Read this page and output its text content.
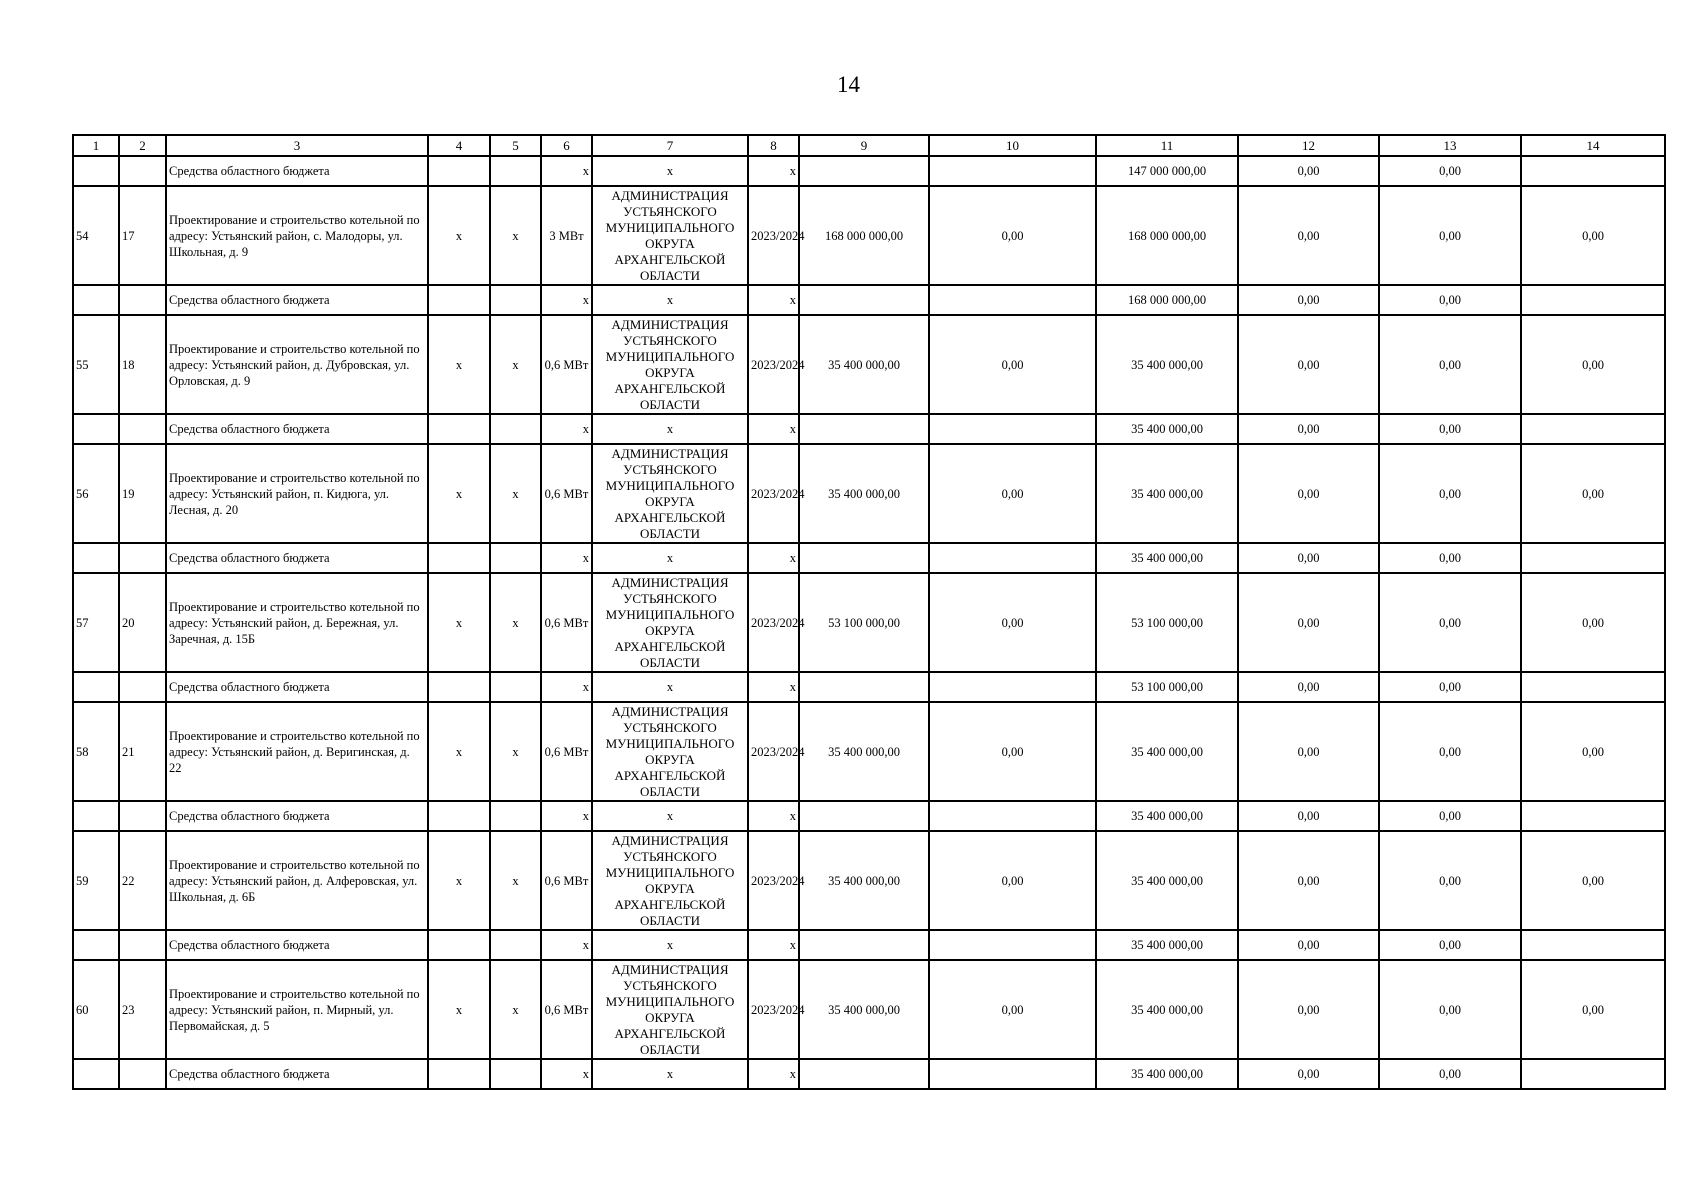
14
1	2	3	4	5	6	7	8	9	10	11	12	13	14
		Средства областного бюджета			х	х	х			147 000 000,00	0,00	0,00	
54	17	Проектирование и строительство котельной по адресу: Устьянский район, с. Малодоры, ул. Школьная, д. 9	х	х	3 МВт	АДМИНИСТРАЦИЯ УСТЬЯНСКОГО МУНИЦИПАЛЬНОГО ОКРУГА АРХАНГЕЛЬСКОЙ ОБЛАСТИ	2023/2024	168 000 000,00	0,00	168 000 000,00	0,00	0,00	0,00
		Средства областного бюджета			х	х	х			168 000 000,00	0,00	0,00	
55	18	Проектирование и строительство котельной по адресу: Устьянский район, д. Дубровская, ул. Орловская, д. 9	х	х	0,6 МВт	АДМИНИСТРАЦИЯ УСТЬЯНСКОГО МУНИЦИПАЛЬНОГО ОКРУГА АРХАНГЕЛЬСКОЙ ОБЛАСТИ	2023/2024	35 400 000,00	0,00	35 400 000,00	0,00	0,00	0,00
		Средства областного бюджета			х	х	х			35 400 000,00	0,00	0,00	
56	19	Проектирование и строительство котельной по адресу: Устьянский район, п. Кидюга, ул. Лесная, д. 20	х	х	0,6 МВт	АДМИНИСТРАЦИЯ УСТЬЯНСКОГО МУНИЦИПАЛЬНОГО ОКРУГА АРХАНГЕЛЬСКОЙ ОБЛАСТИ	2023/2024	35 400 000,00	0,00	35 400 000,00	0,00	0,00	0,00
		Средства областного бюджета			х	х	х			35 400 000,00	0,00	0,00	
57	20	Проектирование и строительство котельной по адресу: Устьянский район, д. Бережная, ул. Заречная, д. 15Б	х	х	0,6 МВт	АДМИНИСТРАЦИЯ УСТЬЯНСКОГО МУНИЦИПАЛЬНОГО ОКРУГА АРХАНГЕЛЬСКОЙ ОБЛАСТИ	2023/2024	53 100 000,00	0,00	53 100 000,00	0,00	0,00	0,00
		Средства областного бюджета			х	х	х			53 100 000,00	0,00	0,00	
58	21	Проектирование и строительство котельной по адресу: Устьянский район, д. Веригинская, д. 22	х	х	0,6 МВт	АДМИНИСТРАЦИЯ УСТЬЯНСКОГО МУНИЦИПАЛЬНОГО ОКРУГА АРХАНГЕЛЬСКОЙ ОБЛАСТИ	2023/2024	35 400 000,00	0,00	35 400 000,00	0,00	0,00	0,00
		Средства областного бюджета			х	х	х			35 400 000,00	0,00	0,00	
59	22	Проектирование и строительство котельной по адресу: Устьянский район, д. Алферовская, ул. Школьная, д. 6Б	х	х	0,6 МВт	АДМИНИСТРАЦИЯ УСТЬЯНСКОГО МУНИЦИПАЛЬНОГО ОКРУГА АРХАНГЕЛЬСКОЙ ОБЛАСТИ	2023/2024	35 400 000,00	0,00	35 400 000,00	0,00	0,00	0,00
		Средства областного бюджета			х	х	х			35 400 000,00	0,00	0,00	
60	23	Проектирование и строительство котельной по адресу: Устьянский район, п. Мирный, ул. Первомайская, д. 5	х	х	0,6 МВт	АДМИНИСТРАЦИЯ УСТЬЯНСКОГО МУНИЦИПАЛЬНОГО ОКРУГА АРХАНГЕЛЬСКОЙ ОБЛАСТИ	2023/2024	35 400 000,00	0,00	35 400 000,00	0,00	0,00	0,00
		Средства областного бюджета			х	х	х			35 400 000,00	0,00	0,00	
